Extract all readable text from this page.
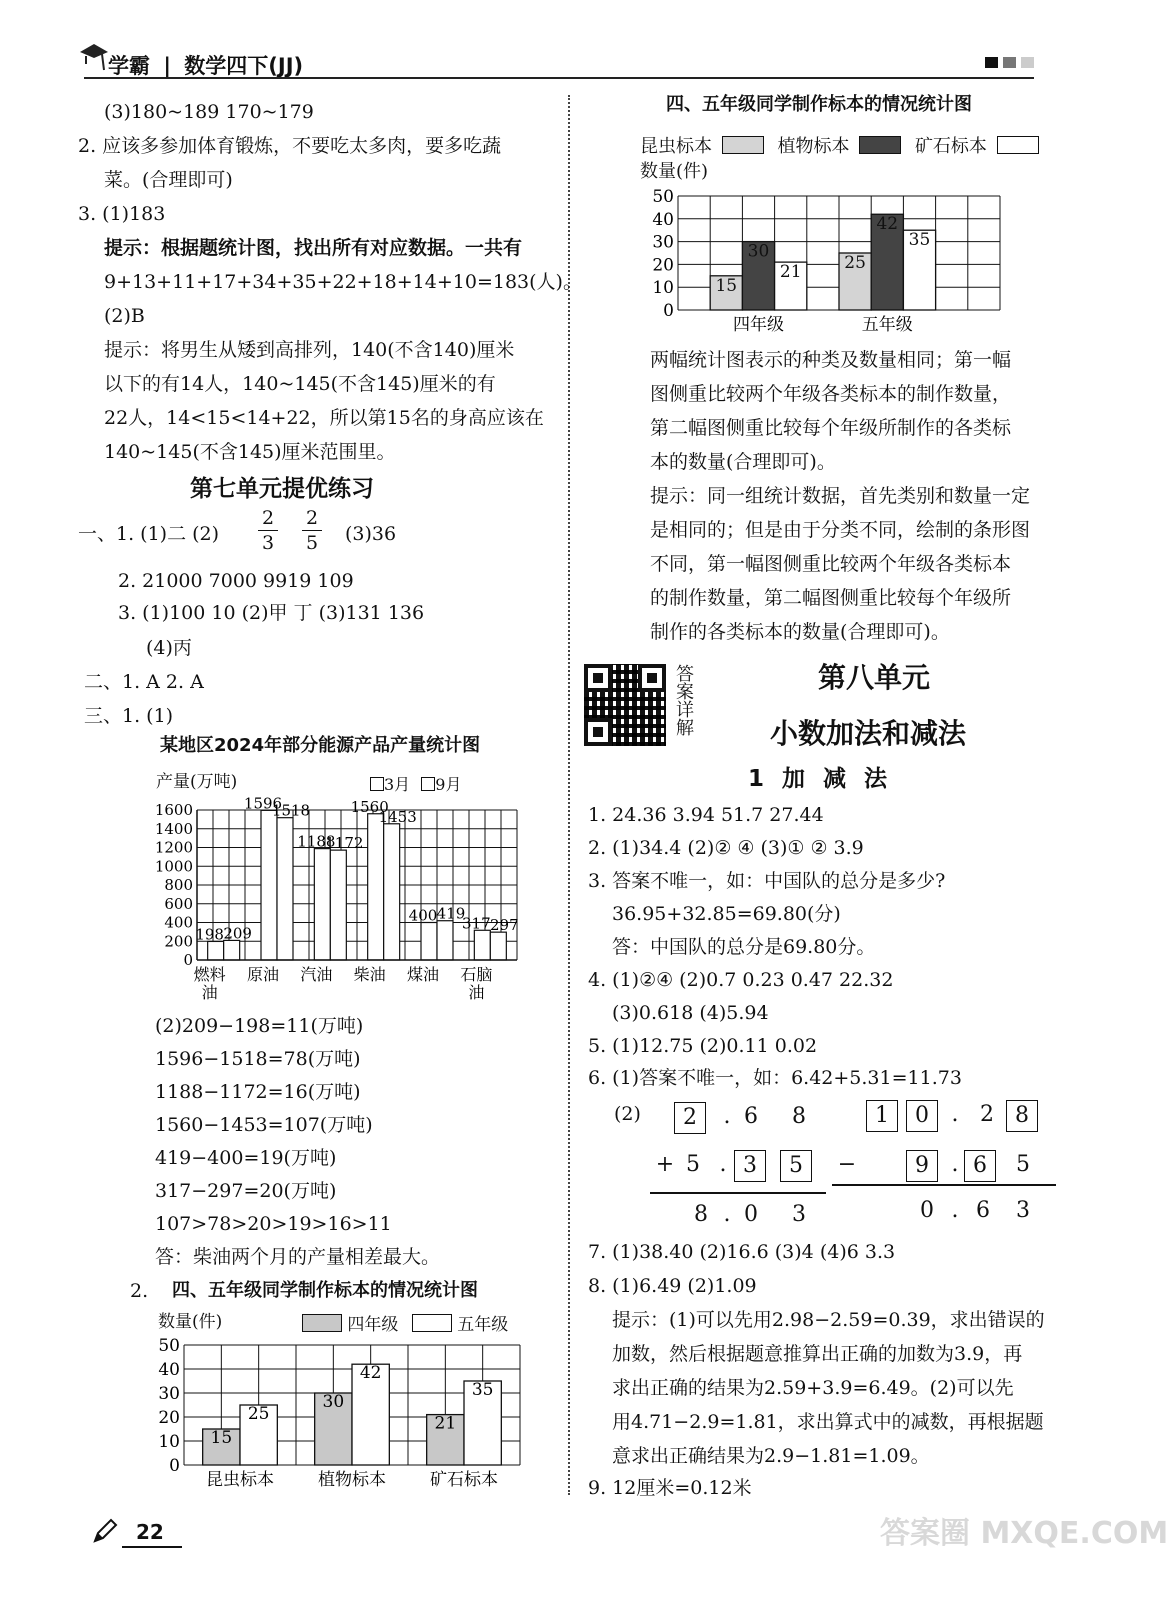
学霸 | 数学四下(JJ)
(3)180~189 170~179
2. 应该多参加体育锻炼，不要吃太多肉，要多吃蔬
菜。(合理即可)
3. (1)183
提示：根据题统计图，找出所有对应数据。一共有
9+13+11+17+34+35+22+18+14+10=183(人)。
(2)B
提示：将男生从矮到高排列，140(不含140)厘米
以下的有14人，140~145(不含145)厘米的有
22人，14<15<14+22，所以第15名的身高应该在
140~145(不含145)厘米范围里。
第七单元提优练习
一、1. (1)二 (2)
2
3
2
5 (3)36
2. 21000 7000 9919 109
3. (1)100 10 (2)甲 丁 (3)131 136
(4)丙
二、1. A 2. A
三、1. (1)
某地区2024年部分能源产品产量统计图
0
200
400
600
800
1000
1200
1400
1600
燃料
油
198 209
原油
1596
1518
汽油
1188
1172
柴油
1560
1453
煤油
400 419
石脑
油
317 297
产量(万吨)	3月 9月
(2)209−198=11(万吨)
1596−1518=78(万吨)
1188−1172=16(万吨)
1560−1453=107(万吨)
419−400=19(万吨)
317−297=20(万吨)
107>78>20>19>16>11
答：柴油两个月的产量相差最大。
2. 四、五年级同学制作标本的情况统计图
数量(件)	四年级	五年级
0
10
20
30
40
50
昆虫标本
15
25
植物标本
30
42
矿石标本
21
35
22
四、五年级同学制作标本的情况统计图
昆虫标本	植物标本	矿石标本
数量(件)
0
10
20
30
40
50
四年级
15
30
21
五年级
25
42
35
两幅统计图表示的种类及数量相同；第一幅
图侧重比较两个年级各类标本的制作数量，
第二幅图侧重比较每个年级所制作的各类标
本的数量(合理即可)。
提示：同一组统计数据，首先类别和数量一定
是相同的；但是由于分类不同，绘制的条形图
不同，第一幅图侧重比较两个年级各类标本
的制作数量，第二幅图侧重比较每个年级所
制作的各类标本的数量(合理即可)。
答案详解	第八单元
小数加法和减法
1 加 减 法
1. 24.36 3.94 51.7 27.44
2. (1)34.4 (2)② ④ (3)① ② 3.9
3. 答案不唯一，如：中国队的总分是多少?
36.95+32.85=69.80(分)
答：中国队的总分是69.80分。
4. (1)②④ (2)0.7 0.23 0.47 22.32
(3)0.618 (4)5.94
5. (1)12.75 (2)0.11 0.02
6. (1)答案不唯一，如：6.42+5.31=11.73
(2)	2	. 6	8
+ 5 . 3	5
8 . 0	3
1	0	. 2 8
−	9	. 6	5
0 . 6	3
7. (1)38.40 (2)16.6 (3)4 (4)6 3.3
8. (1)6.49 (2)1.09
提示：(1)可以先用2.98−2.59=0.39，求出错误的
加数，然后根据题意推算出正确的加数为3.9，再
求出正确的结果为2.59+3.9=6.49。(2)可以先
用4.71−2.9=1.81，求出算式中的减数，再根据题
意求出正确结果为2.9−1.81=1.09。
9. 12厘米=0.12米
答案圈 MXQE.COM
